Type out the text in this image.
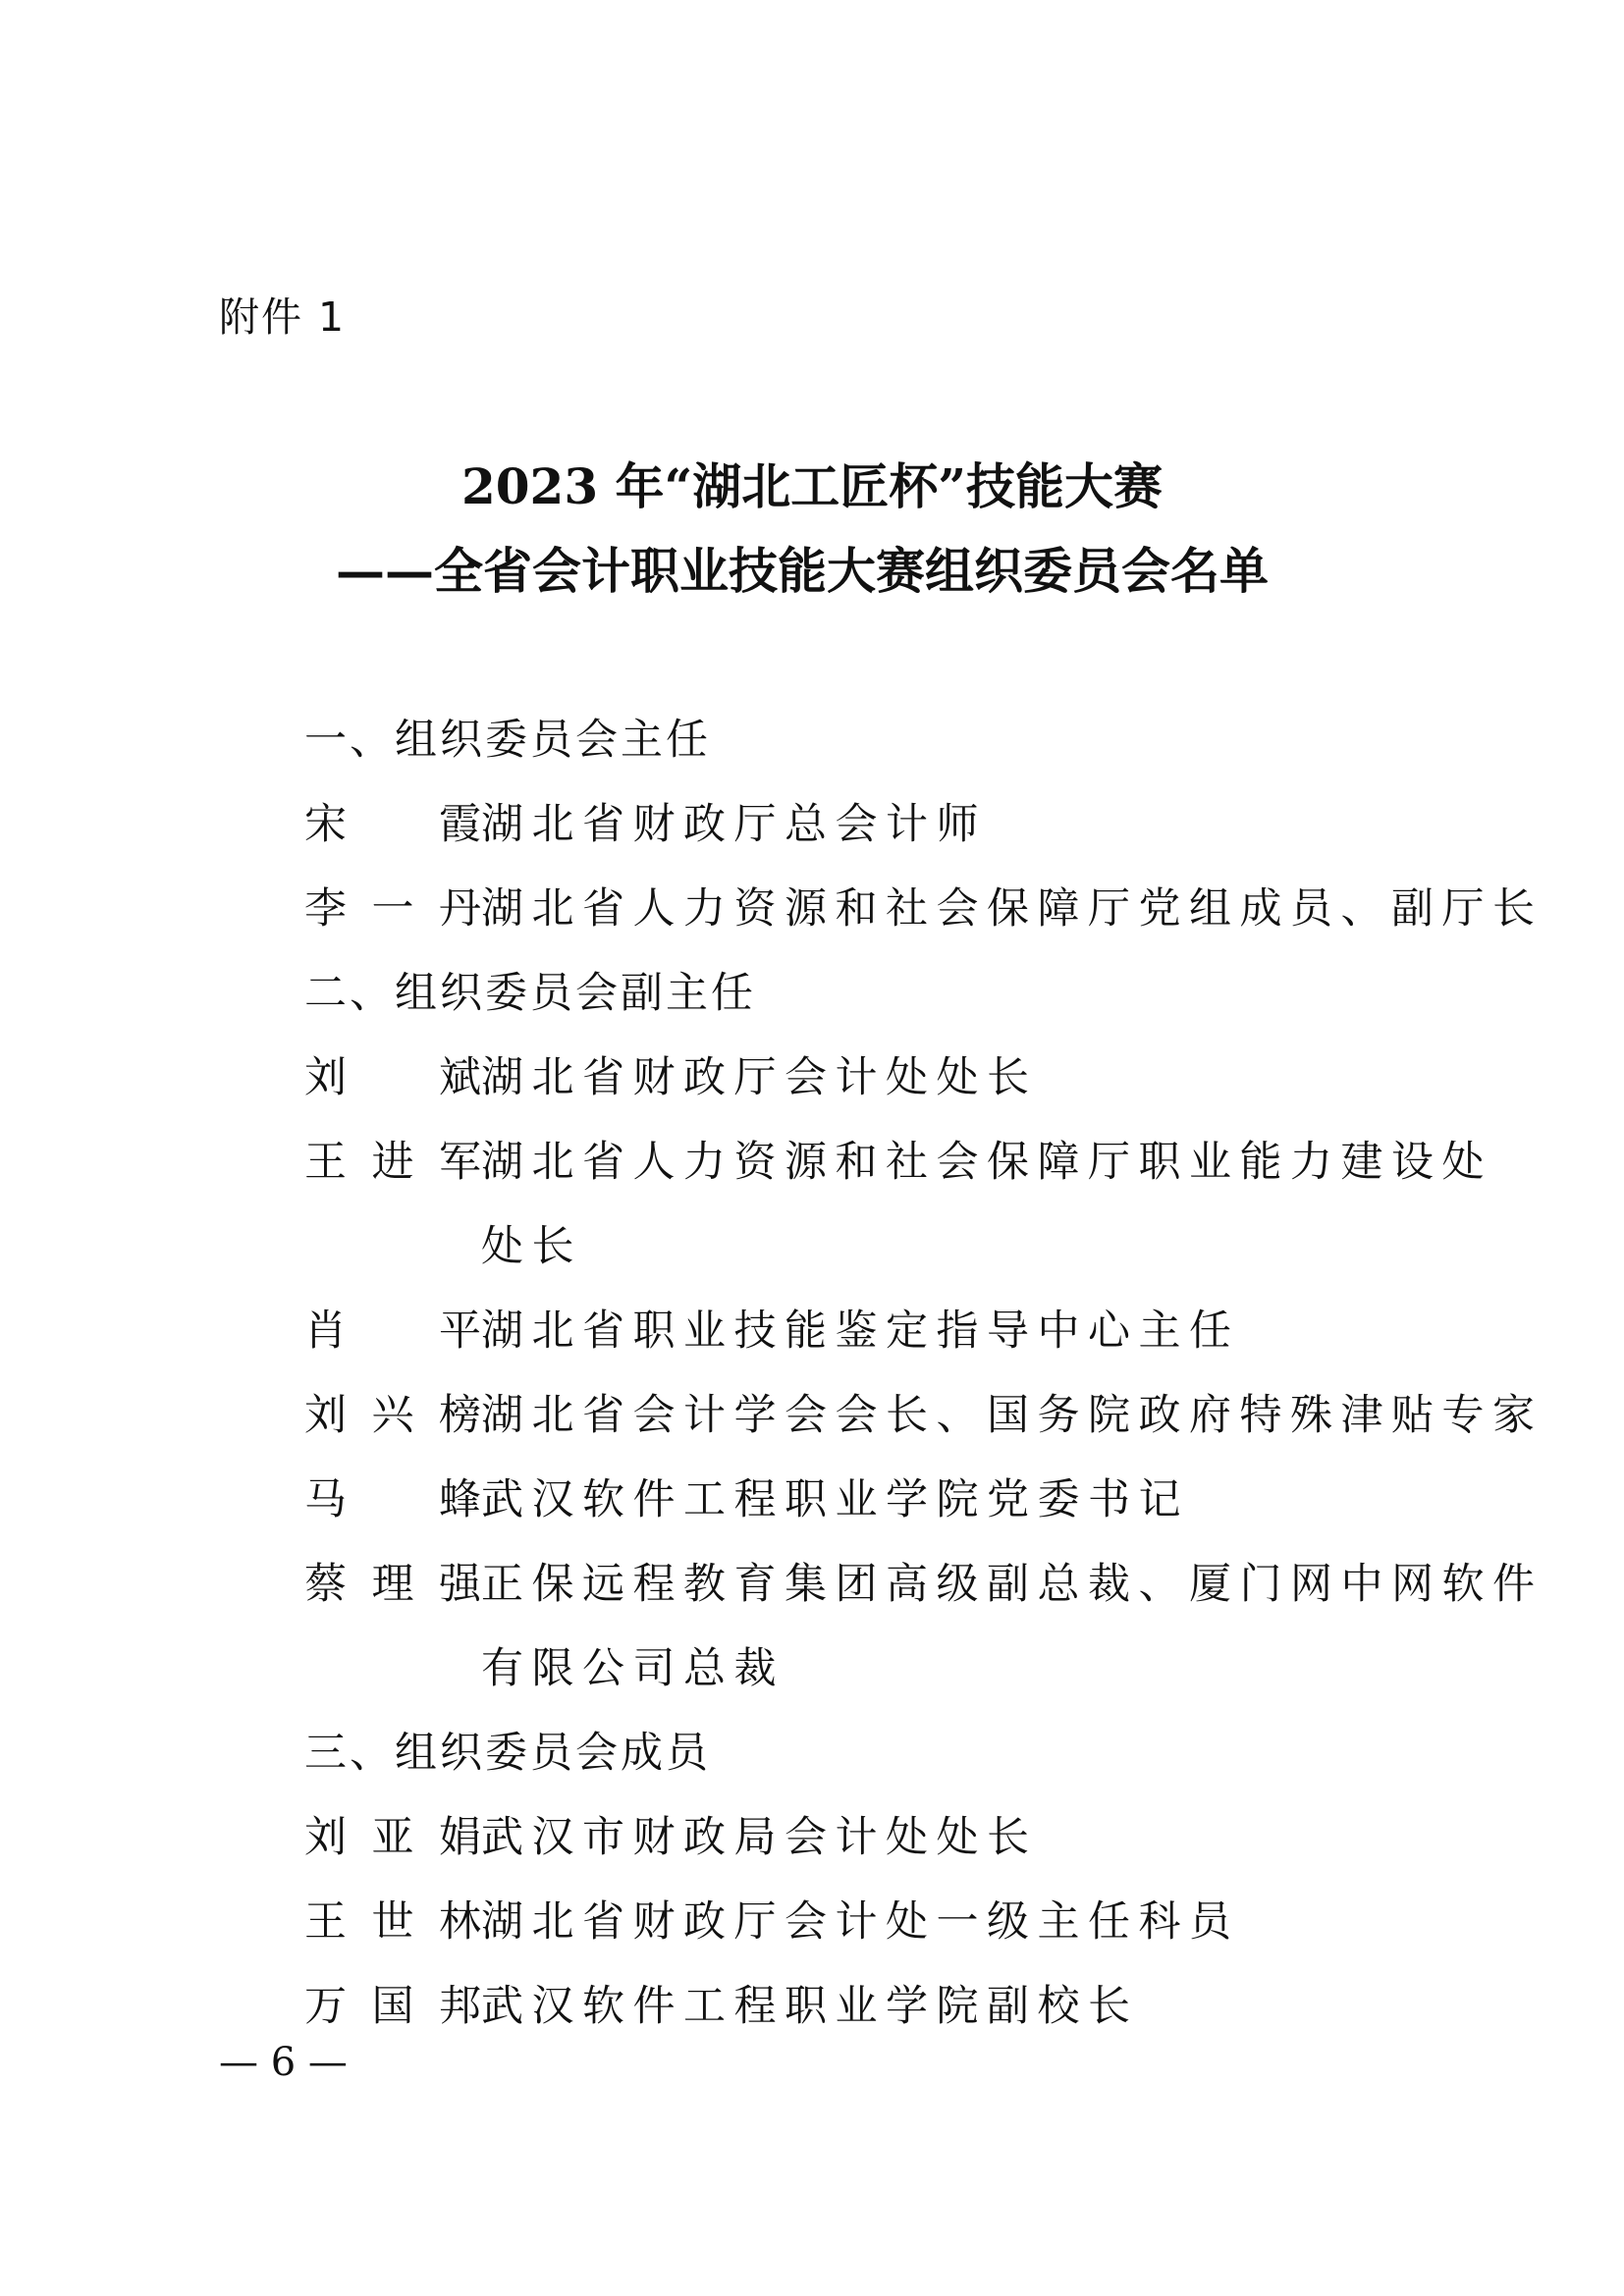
附件 1
2023 年“湖北工匠杯”技能大赛
——全省会计职业技能大赛组织委员会名单
一、组织委员会主任
宋霞 湖北省财政厅总会计师
李一丹 湖北省人力资源和社会保障厅党组成员、副厅长
二、组织委员会副主任
刘斌 湖北省财政厅会计处处长
王进军 湖北省人力资源和社会保障厅职业能力建设处
处长
肖平 湖北省职业技能鉴定指导中心主任
刘兴榜 湖北省会计学会会长、国务院政府特殊津贴专家
马蜂 武汉软件工程职业学院党委书记
蔡理强 正保远程教育集团高级副总裁、厦门网中网软件
有限公司总裁
三、组织委员会成员
刘亚娟 武汉市财政局会计处处长
王世林 湖北省财政厅会计处一级主任科员
万国邦 武汉软件工程职业学院副校长
— 6 —
